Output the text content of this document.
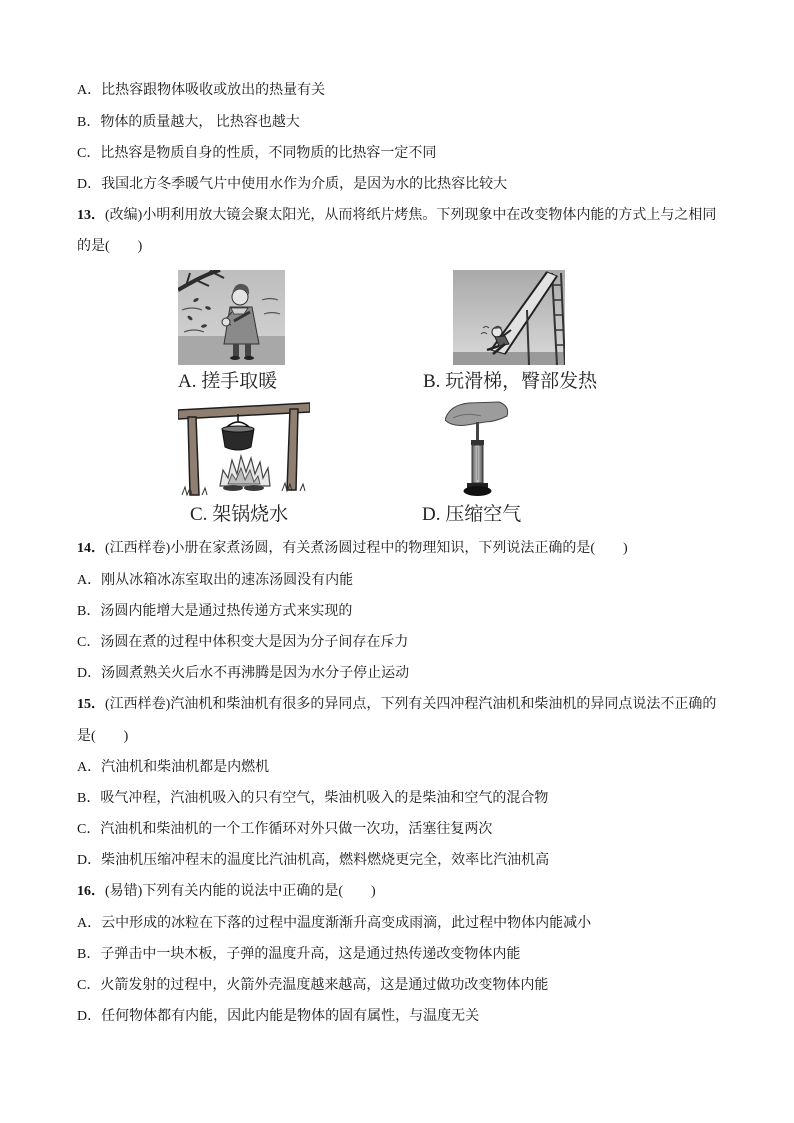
A．比热容跟物体吸收或放出的热量有关
B．物体的质量越大， 比热容也越大
C．比热容是物质自身的性质，不同物质的比热容一定不同
D．我国北方冬季暖气片中使用水作为介质，是因为水的比热容比较大
13．(改编)小明利用放大镜会聚太阳光，从而将纸片烤焦。下列现象中在改变物体内能的方式上与之相同
的是(　　)
A. 搓手取暖	B. 玩滑梯，臀部发热
C. 架锅烧水	D. 压缩空气
14．(江西样卷)小册在家煮汤圆，有关煮汤圆过程中的物理知识，下列说法正确的是(　　)
A．刚从冰箱冰冻室取出的速冻汤圆没有内能
B．汤圆内能增大是通过热传递方式来实现的
C．汤圆在煮的过程中体积变大是因为分子间存在斥力
D．汤圆煮熟关火后水不再沸腾是因为水分子停止运动
15．(江西样卷)汽油机和柴油机有很多的异同点，下列有关四冲程汽油机和柴油机的异同点说法不正确的
是(　　)
A．汽油机和柴油机都是内燃机
B．吸气冲程，汽油机吸入的只有空气，柴油机吸入的是柴油和空气的混合物
C．汽油机和柴油机的一个工作循环对外只做一次功，活塞往复两次
D．柴油机压缩冲程末的温度比汽油机高，燃料燃烧更完全，效率比汽油机高
16．(易错)下列有关内能的说法中正确的是(　　)
A．云中形成的冰粒在下落的过程中温度渐渐升高变成雨滴，此过程中物体内能减小
B．子弹击中一块木板，子弹的温度升高，这是通过热传递改变物体内能
C．火箭发射的过程中，火箭外壳温度越来越高，这是通过做功改变物体内能
D．任何物体都有内能，因此内能是物体的固有属性，与温度无关
